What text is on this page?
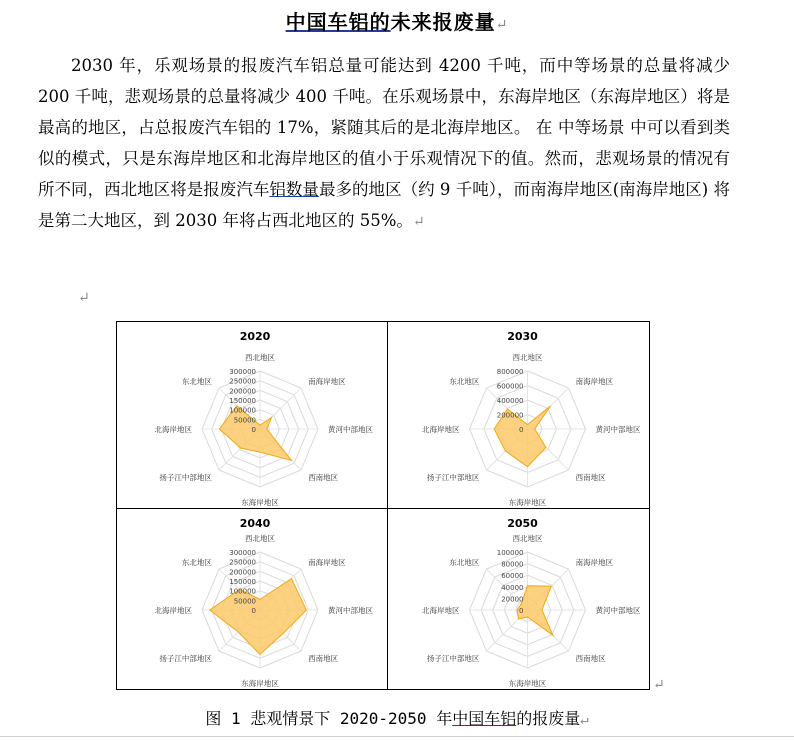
中国车铝的未来报废量↵

2030 年，乐观场景的报废汽车铝总量可能达到 4200 千吨，而中等场景的总量将减少 200 千吨，悲观场景的总量将减少 400 千吨。在乐观场景中，东海岸地区（东海岸地区）将是最高的地区，占总报废汽车铝的 17%，紧随其后的是北海岸地区。 在 中等场景 中可以看到类似的模式，只是东海岸地区和北海岸地区的值小于乐观情况下的值。然而，悲观场景的情况有所不同，西北地区将是报废汽车铝数量最多的地区（约 9 千吨），而南海岸地区(南海岸地区) 将是第二大地区，到 2030 年将占西北地区的 55%。↵

↵
2020
0
50000
100000
150000
200000
250000
300000
西北地区
南海岸地区
黄河中部地区
西南地区
东海岸地区
扬子江中部地区
北海岸地区
东北地区
2030
0
200000
400000
600000
800000
西北地区
南海岸地区
黄河中部地区
西南地区
东海岸地区
扬子江中部地区
北海岸地区
东北地区
2040
0
50000
100000
150000
200000
250000
300000
西北地区
南海岸地区
黄河中部地区
西南地区
东海岸地区
扬子江中部地区
北海岸地区
东北地区
2050
0
20000
40000
60000
80000
100000
西北地区
南海岸地区
黄河中部地区
西南地区
东海岸地区
扬子江中部地区
北海岸地区
东北地区
↵
图 1 悲观情景下 2020-2050 年中国车铝的报废量↵
